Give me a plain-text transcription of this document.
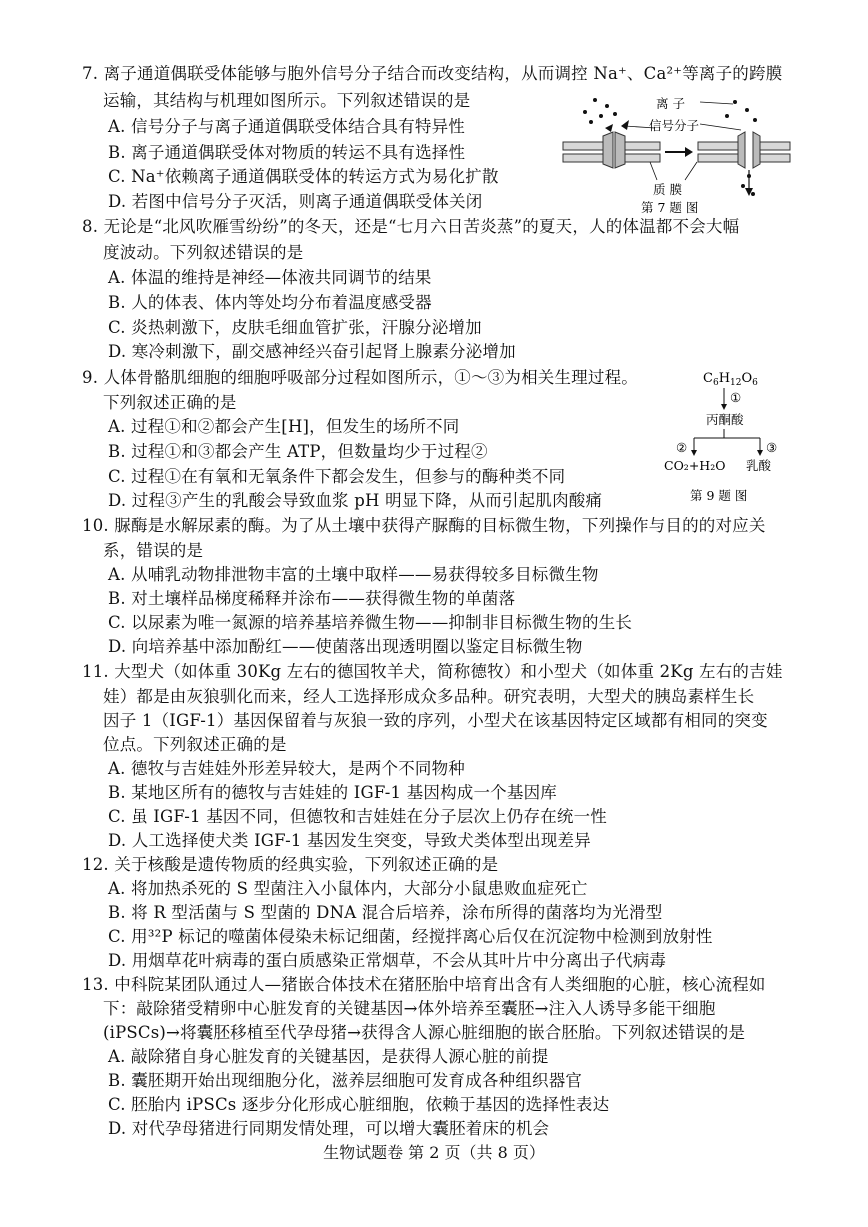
7. 离子通道偶联受体能够与胞外信号分子结合而改变结构，从而调控 Na⁺、Ca²⁺等离子的跨膜
运输，其结构与机理如图所示。下列叙述错误的是
A. 信号分子与离子通道偶联受体结合具有特异性
B. 离子通道偶联受体对物质的转运不具有选择性
C. Na⁺依赖离子通道偶联受体的转运方式为易化扩散
D. 若图中信号分子灭活，则离子通道偶联受体关闭
离 子
信号分子
质 膜
第 7 题 图
8. 无论是“北风吹雁雪纷纷”的冬天，还是“七月六日苦炎蒸”的夏天，人的体温都不会大幅
度波动。下列叙述错误的是
A. 体温的维持是神经—体液共同调节的结果
B. 人的体表、体内等处均分布着温度感受器
C. 炎热刺激下，皮肤毛细血管扩张，汗腺分泌增加
D. 寒冷刺激下，副交感神经兴奋引起肾上腺素分泌增加
9. 人体骨骼肌细胞的细胞呼吸部分过程如图所示，①～③为相关生理过程。
下列叙述正确的是
A. 过程①和②都会产生[H]，但发生的场所不同
B. 过程①和③都会产生 ATP，但数量均少于过程②
C. 过程①在有氧和无氧条件下都会发生，但参与的酶种类不同
D. 过程③产生的乳酸会导致血浆 pH 明显下降，从而引起肌肉酸痛
$C_6H_{12}O_6$
①
丙酮酸
②	③
CO₂+H₂O 乳酸
第 9 题 图
10. 脲酶是水解尿素的酶。为了从土壤中获得产脲酶的目标微生物，下列操作与目的的对应关
系，错误的是
A. 从哺乳动物排泄物丰富的土壤中取样——易获得较多目标微生物
B. 对土壤样品梯度稀释并涂布——获得微生物的单菌落
C. 以尿素为唯一氮源的培养基培养微生物——抑制非目标微生物的生长
D. 向培养基中添加酚红——使菌落出现透明圈以鉴定目标微生物
11. 大型犬（如体重 30Kg 左右的德国牧羊犬，简称德牧）和小型犬（如体重 2Kg 左右的吉娃
娃）都是由灰狼驯化而来，经人工选择形成众多品种。研究表明，大型犬的胰岛素样生长
因子 1（IGF-1）基因保留着与灰狼一致的序列，小型犬在该基因特定区域都有相同的突变
位点。下列叙述正确的是
A. 德牧与吉娃娃外形差异较大，是两个不同物种
B. 某地区所有的德牧与吉娃娃的 IGF-1 基因构成一个基因库
C. 虽 IGF-1 基因不同，但德牧和吉娃娃在分子层次上仍存在统一性
D. 人工选择使犬类 IGF-1 基因发生突变，导致犬类体型出现差异
12. 关于核酸是遗传物质的经典实验，下列叙述正确的是
A. 将加热杀死的 S 型菌注入小鼠体内，大部分小鼠患败血症死亡
B. 将 R 型活菌与 S 型菌的 DNA 混合后培养，涂布所得的菌落均为光滑型
C. 用³²P 标记的噬菌体侵染未标记细菌，经搅拌离心后仅在沉淀物中检测到放射性
D. 用烟草花叶病毒的蛋白质感染正常烟草，不会从其叶片中分离出子代病毒
13. 中科院某团队通过人—猪嵌合体技术在猪胚胎中培育出含有人类细胞的心脏，核心流程如
下：敲除猪受精卵中心脏发育的关键基因→体外培养至囊胚→注入人诱导多能干细胞
(iPSCs)→将囊胚移植至代孕母猪→获得含人源心脏细胞的嵌合胚胎。下列叙述错误的是
A. 敲除猪自身心脏发育的关键基因，是获得人源心脏的前提
B. 囊胚期开始出现细胞分化，滋养层细胞可发育成各种组织器官
C. 胚胎内 iPSCs 逐步分化形成心脏细胞，依赖于基因的选择性表达
D. 对代孕母猪进行同期发情处理，可以增大囊胚着床的机会
生物试题卷 第 2 页（共 8 页）
